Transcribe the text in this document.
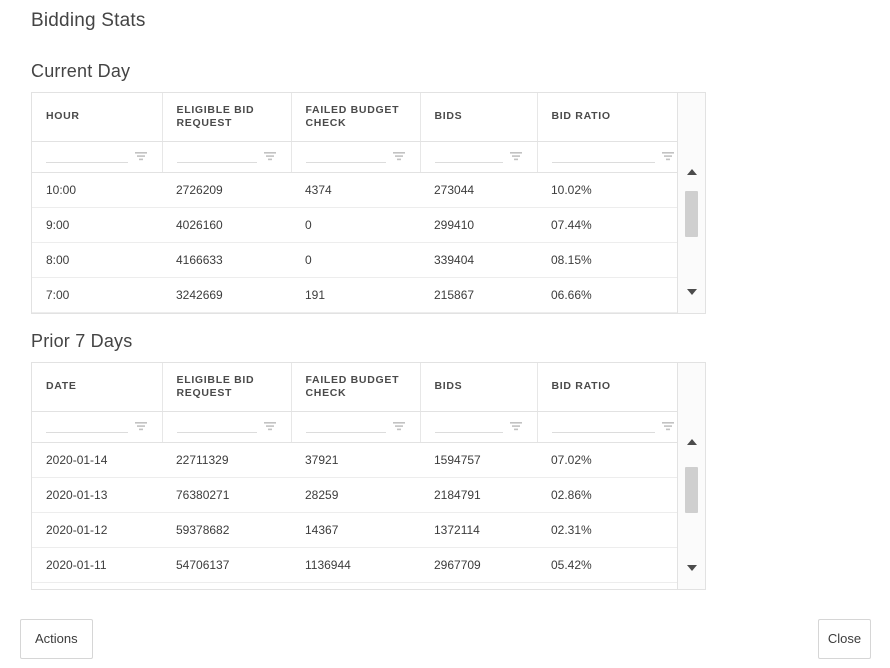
Bidding Stats
Current Day
HOUR	ELIGIBLE BID REQUEST	FAILED BUDGET CHECK	BIDS	BID RATIO

10:00	2726209	4374	273044	10.02%
9:00	4026160	0	299410	07.44%
8:00	4166633	0	339404	08.15%
7:00	3242669	191	215867	06.66%

Prior 7 Days
DATE	ELIGIBLE BID REQUEST	FAILED BUDGET CHECK	BIDS	BID RATIO

2020-01-14	22711329	37921	1594757	07.02%
2020-01-13	76380271	28259	2184791	02.86%
2020-01-12	59378682	14367	1372114	02.31%
2020-01-11	54706137	1136944	2967709	05.42%

Actions	Close
